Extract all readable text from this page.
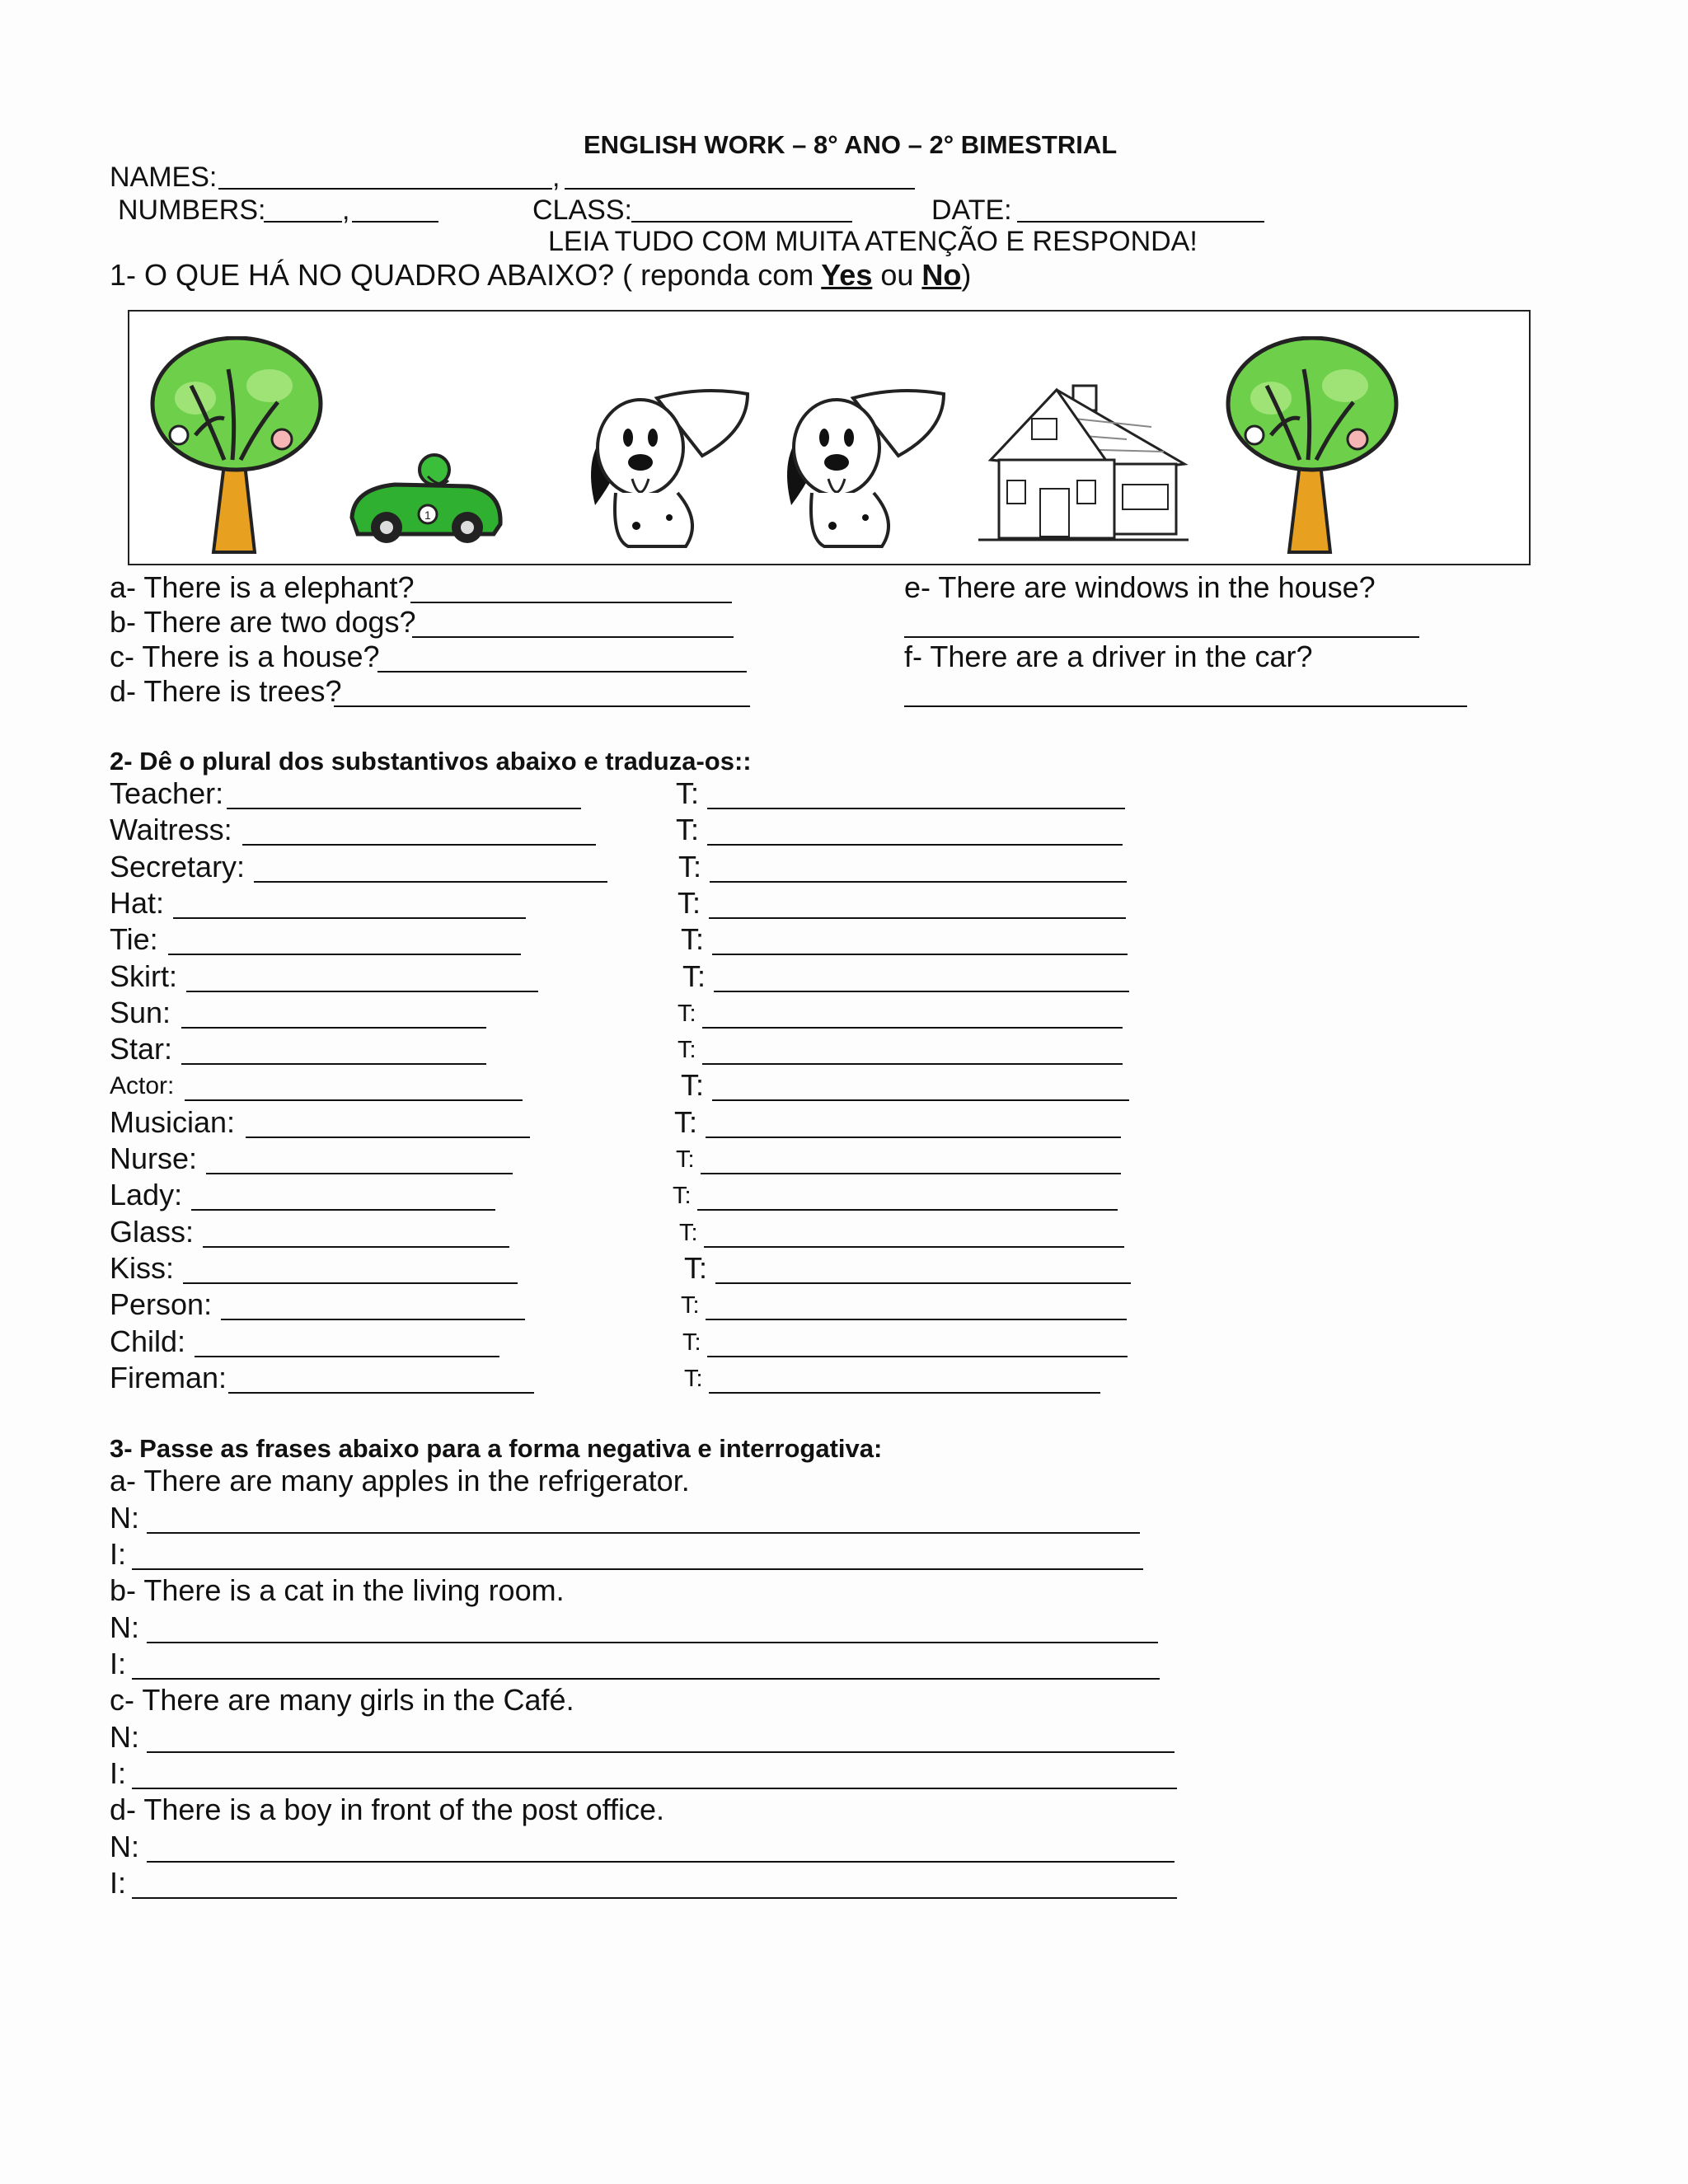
ENGLISH WORK – 8° ANO – 2° BIMESTRIAL
NAMES:	,
NUMBERS:	,	CLASS:	DATE:
LEIA TUDO COM MUITA ATENÇÃO E RESPONDA!
1- O QUE HÁ NO QUADRO ABAIXO? ( reponda com Yes ou No)
1
a- There is a elephant?
b- There are two dogs?
c- There is a house?
d- There is trees?
e- There are windows in the house?
f- There are a driver in the car?
2- Dê o plural dos substantivos abaixo e traduza-os::
Teacher:	T:
Waitress:	T:
Secretary:	T:
Hat:	T:
Tie:	T:
Skirt:	T:
Sun:	T:
Star:	T:
Actor:	T:
Musician:	T:
Nurse:	T:
Lady:	T:
Glass:	T:
Kiss:	T:
Person:	T:
Child:	T:
Fireman:	T:
3- Passe as frases abaixo para a forma negativa e interrogativa:
a- There are many apples in the refrigerator.
N:
I:
b- There is a cat in the living room.
N:
I:
c- There are many girls in the Café.
N:
I:
d- There is a boy in front of the post office.
N:
I:
